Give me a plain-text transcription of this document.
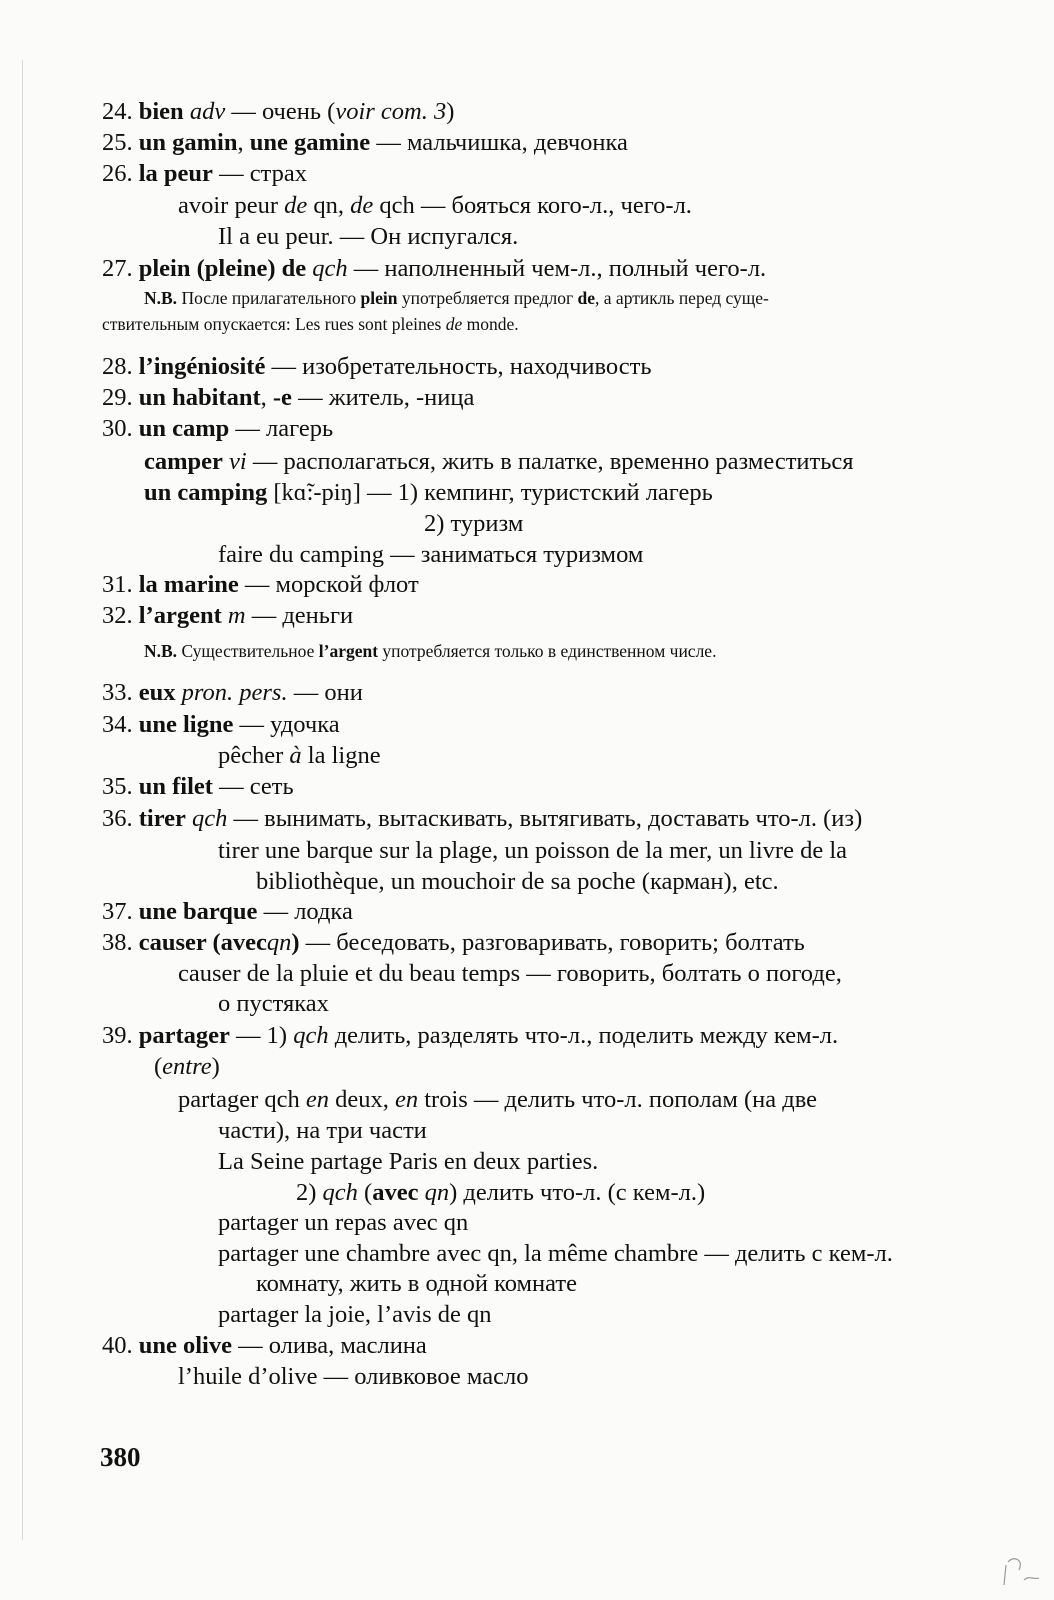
24. bien adv — очень (voir com. 3)
25. un gamin, une gamine — мальчишка, девчонка
26. la peur — страх
avoir peur de qn, de qch — бояться кого-л., чего-л.
Il a eu peur. — Он испугался.
27. plein (pleine) de qch — наполненный чем-л., полный чего-л.
N.B. После прилагательного plein употребляется предлог de, а артикль перед суще-
ствительным опускается: Les rues sont pleines de monde.
28. l’ingéniosité — изобретательность, находчивость
29. un habitant, -e — житель, -ница
30. un camp — лагерь
camper vi — располагаться, жить в палатке, временно разместиться
un camping [kɑ̃:-piŋ] — 1) кемпинг, туристский лагерь
2) туризм
faire du camping — заниматься туризмом
31. la marine — морской флот
32. l’argent m — деньги
N.B. Существительное l’argent употребляется только в единственном числе.
33. eux pron. pers. — они
34. une ligne — удочка
pêcher à la ligne
35. un filet — сеть
36. tirer qch — вынимать, вытаскивать, вытягивать, доставать что-л. (из)
tirer une barque sur la plage, un poisson de la mer, un livre de la
bibliothèque, un mouchoir de sa poche (карман), etc.
37. une barque — лодка
38. causer (avecqn) — беседовать, разговаривать, говорить; болтать
causer de la pluie et du beau temps — говорить, болтать о погоде,
о пустяках
39. partager — 1) qch делить, разделять что-л., поделить между кем-л.
(entre)
partager qch en deux, en trois — делить что-л. пополам (на две
части), на три части
La Seine partage Paris en deux parties.
2) qch (avec qn) делить что-л. (с кем-л.)
partager un repas avec qn
partager une chambre avec qn, la même chambre — делить с кем-л.
комнату, жить в одной комнате
partager la joie, l’avis de qn
40. une olive — олива, маслина
l’huile d’olive — оливковое масло
380
